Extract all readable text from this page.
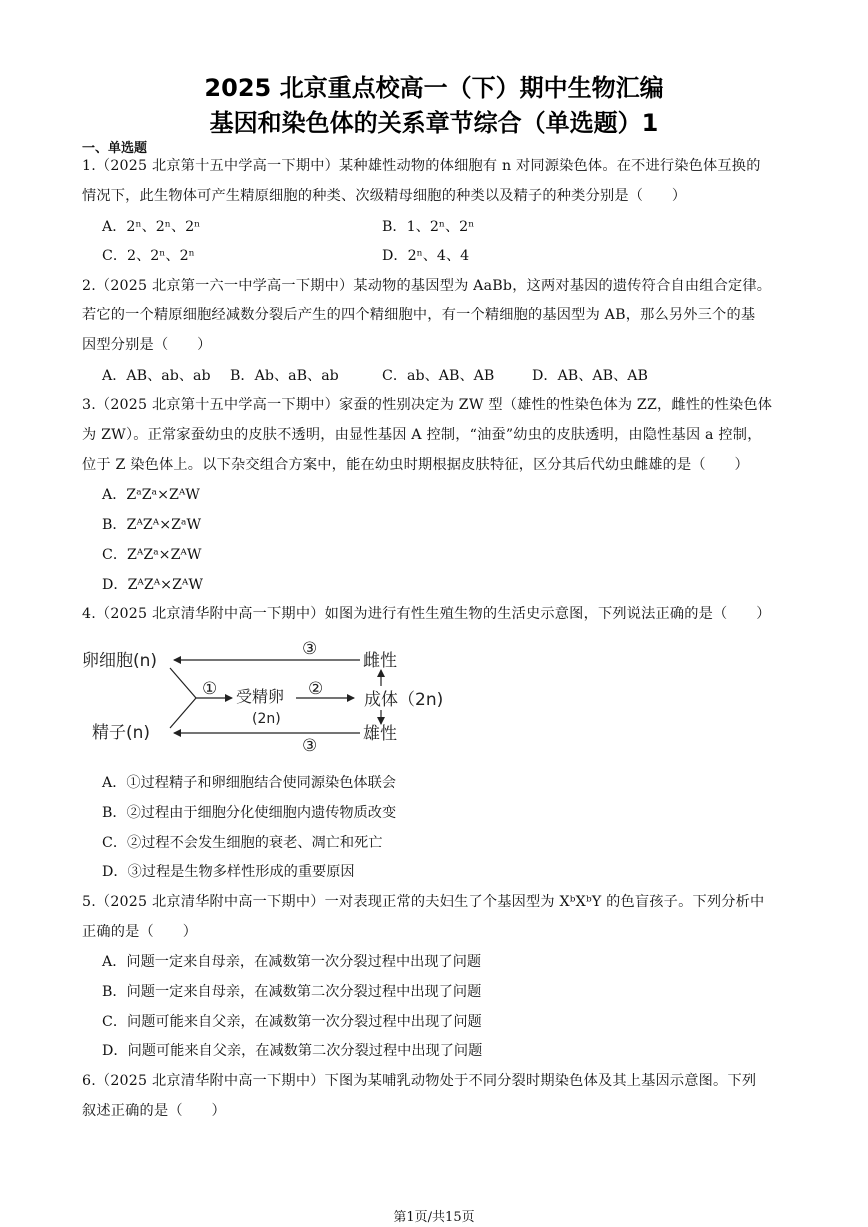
2025 北京重点校高一（下）期中生物汇编
基因和染色体的关系章节综合（单选题）1
一、单选题
1.（2025 北京第十五中学高一下期中）某种雄性动物的体细胞有 n 对同源染色体。在不进行染色体互换的
情况下，此生物体可产生精原细胞的种类、次级精母细胞的种类以及精子的种类分别是（　　）
A．2ⁿ、2ⁿ、2ⁿ	B．1、2ⁿ、2ⁿ
C．2、2ⁿ、2ⁿ	D．2ⁿ、4、4
2.（2025 北京第一六一中学高一下期中）某动物的基因型为 AaBb，这两对基因的遗传符合自由组合定律。
若它的一个精原细胞经减数分裂后产生的四个精细胞中，有一个精细胞的基因型为 AB，那么另外三个的基
因型分别是（　　）
A．AB、ab、ab B．Ab、aB、ab	C．ab、AB、AB	D．AB、AB、AB
3.（2025 北京第十五中学高一下期中）家蚕的性别决定为 ZW 型（雄性的性染色体为 ZZ，雌性的性染色体
为 ZW）。正常家蚕幼虫的皮肤不透明，由显性基因 A 控制，“油蚕”幼虫的皮肤透明，由隐性基因 a 控制，
位于 Z 染色体上。以下杂交组合方案中，能在幼虫时期根据皮肤特征，区分其后代幼虫雌雄的是（　　）
A．ZᵃZᵃ×ZᴬW
B．ZᴬZᴬ×ZᵃW
C．ZᴬZᵃ×ZᴬW
D．ZᴬZᴬ×ZᴬW
4.（2025 北京清华附中高一下期中）如图为进行有性生殖生物的生活史示意图，下列说法正确的是（　　）
卵细胞(n)
精子(n)
受精卵
(2n)
成体（2n)
雌性
雄性
①	②
③
③
A．①过程精子和卵细胞结合使同源染色体联会
B．②过程由于细胞分化使细胞内遗传物质改变
C．②过程不会发生细胞的衰老、凋亡和死亡
D．③过程是生物多样性形成的重要原因
5.（2025 北京清华附中高一下期中）一对表现正常的夫妇生了个基因型为 XᵇXᵇY 的色盲孩子。下列分析中
正确的是（　　）
A．问题一定来自母亲，在减数第一次分裂过程中出现了问题
B．问题一定来自母亲，在减数第二次分裂过程中出现了问题
C．问题可能来自父亲，在减数第一次分裂过程中出现了问题
D．问题可能来自父亲，在减数第二次分裂过程中出现了问题
6.（2025 北京清华附中高一下期中）下图为某哺乳动物处于不同分裂时期染色体及其上基因示意图。下列
叙述正确的是（　　）
第1页/共15页
